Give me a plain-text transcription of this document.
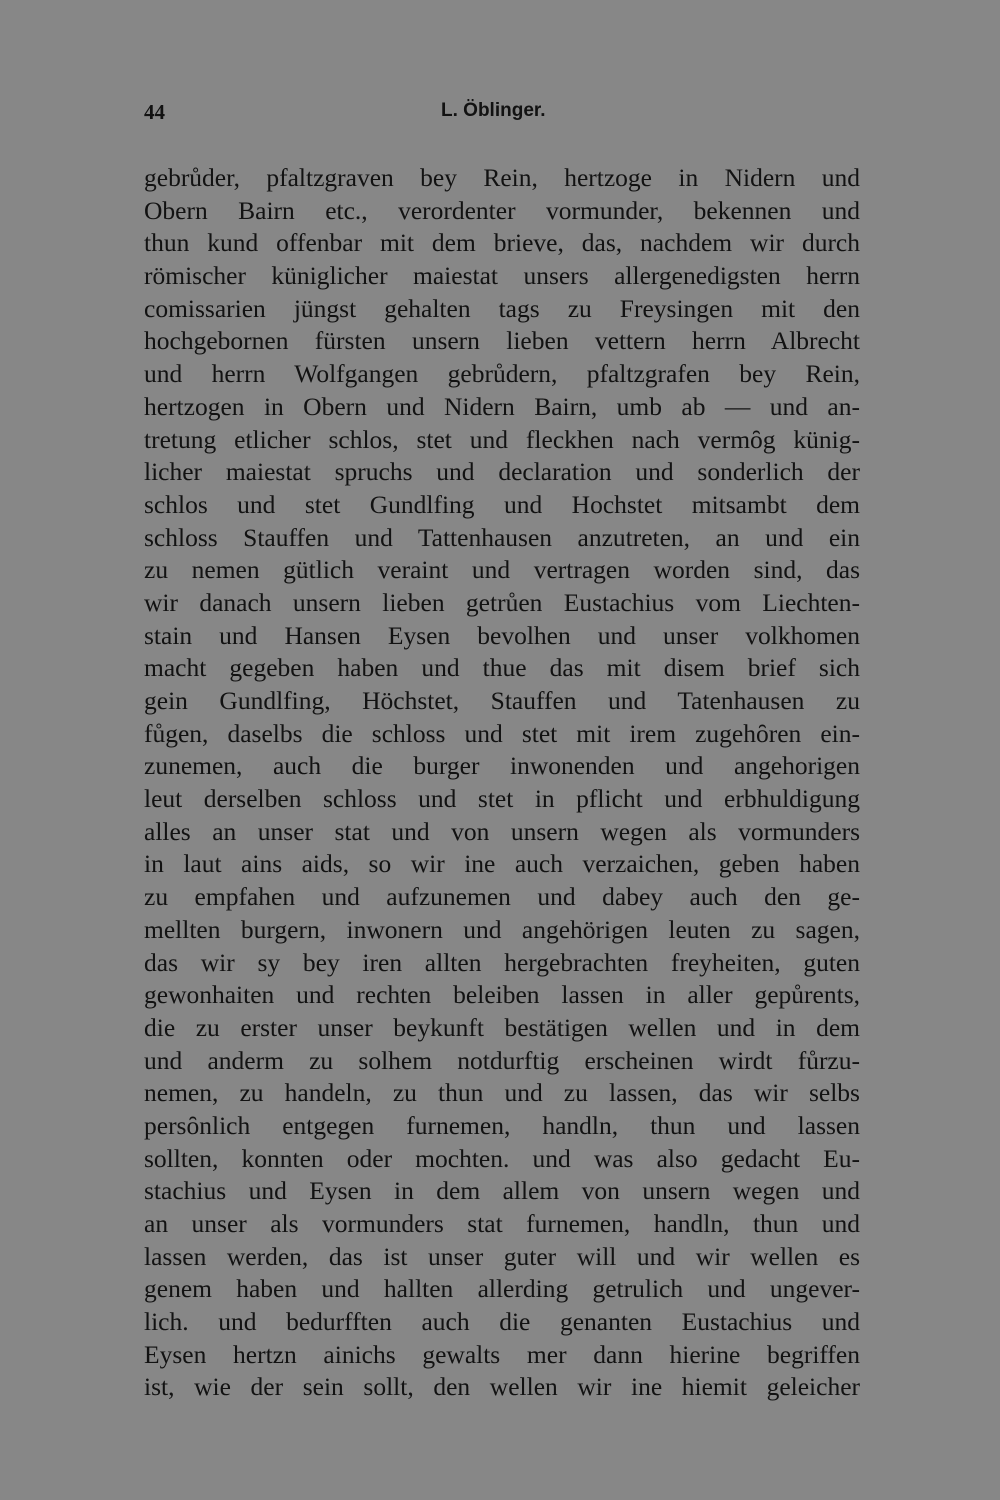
44	L. Öblinger.
gebrůder, pfaltzgraven bey Rein, hertzoge in Nidern und
Obern Bairn etc., verordenter vormunder, bekennen und
thun kund offenbar mit dem brieve, das, nachdem wir durch
römischer küniglicher maiestat unsers allergenedigsten herrn
comissarien jüngst gehalten tags zu Freysingen mit den
hochgebornen fürsten unsern lieben vettern herrn Albrecht
und herrn Wolfgangen gebrůdern, pfaltzgrafen bey Rein,
hertzogen in Obern und Nidern Bairn, umb ab — und an-
tretung etlicher schlos, stet und fleckhen nach vermȏg künig-
licher maiestat spruchs und declaration und sonderlich der
schlos und stet Gundlfing und Hochstet mitsambt dem
schloss Stauffen und Tattenhausen anzutreten, an und ein
zu nemen gütlich veraint und vertragen worden sind, das
wir danach unsern lieben getrůen Eustachius vom Liechten-
stain und Hansen Eysen bevolhen und unser volkhomen
macht gegeben haben und thue das mit disem brief sich
gein Gundlfing, Höchstet, Stauffen und Tatenhausen zu
fůgen, daselbs die schloss und stet mit irem zugehȏren ein-
zunemen, auch die burger inwonenden und angehorigen
leut derselben schloss und stet in pflicht und erbhuldigung
alles an unser stat und von unsern wegen als vormunders
in laut ains aids, so wir ine auch verzaichen, geben haben
zu empfahen und aufzunemen und dabey auch den ge-
mellten burgern, inwonern und angehörigen leuten zu sagen,
das wir sy bey iren allten hergebrachten freyheiten, guten
gewonhaiten und rechten beleiben lassen in aller gepůrents,
die zu erster unser beykunft bestätigen wellen und in dem
und anderm zu solhem notdurftig erscheinen wirdt fůrzu-
nemen, zu handeln, zu thun und zu lassen, das wir selbs
persȏnlich entgegen furnemen, handln, thun und lassen
sollten, konnten oder mochten. und was also gedacht Eu-
stachius und Eysen in dem allem von unsern wegen und
an unser als vormunders stat furnemen, handln, thun und
lassen werden, das ist unser guter will und wir wellen es
genem haben und hallten allerding getrulich und ungever-
lich. und bedurfften auch die genanten Eustachius und
Eysen hertzn ainichs gewalts mer dann hierine begriffen
ist, wie der sein sollt, den wellen wir ine hiemit geleicher
